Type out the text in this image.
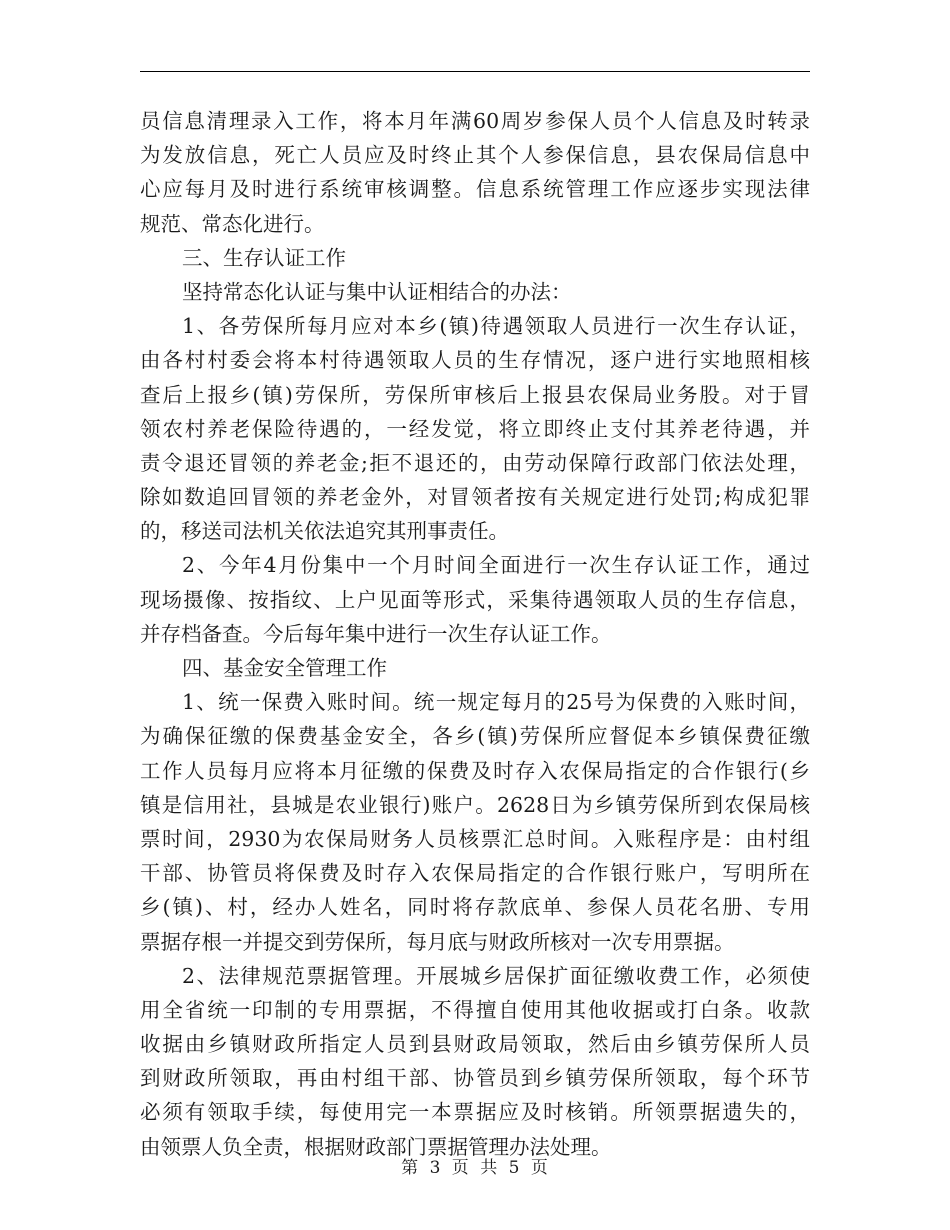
员信息清理录入工作，将本月年满60周岁参保人员个人信息及时转录
为发放信息，死亡人员应及时终止其个人参保信息，县农保局信息中
心应每月及时进行系统审核调整。信息系统管理工作应逐步实现法律
规范、常态化进行。
三、生存认证工作
坚持常态化认证与集中认证相结合的办法：
1、各劳保所每月应对本乡(镇)待遇领取人员进行一次生存认证，
由各村村委会将本村待遇领取人员的生存情况，逐户进行实地照相核
查后上报乡(镇)劳保所，劳保所审核后上报县农保局业务股。对于冒
领农村养老保险待遇的，一经发觉，将立即终止支付其养老待遇，并
责令退还冒领的养老金;拒不退还的，由劳动保障行政部门依法处理，
除如数追回冒领的养老金外，对冒领者按有关规定进行处罚;构成犯罪
的，移送司法机关依法追究其刑事责任。
2、今年4月份集中一个月时间全面进行一次生存认证工作，通过
现场摄像、按指纹、上户见面等形式，采集待遇领取人员的生存信息，
并存档备查。今后每年集中进行一次生存认证工作。
四、基金安全管理工作
1、统一保费入账时间。统一规定每月的25号为保费的入账时间，
为确保征缴的保费基金安全，各乡(镇)劳保所应督促本乡镇保费征缴
工作人员每月应将本月征缴的保费及时存入农保局指定的合作银行(乡
镇是信用社，县城是农业银行)账户。2628日为乡镇劳保所到农保局核
票时间，2930为农保局财务人员核票汇总时间。入账程序是：由村组
干部、协管员将保费及时存入农保局指定的合作银行账户，写明所在
乡(镇)、村，经办人姓名，同时将存款底单、参保人员花名册、专用
票据存根一并提交到劳保所，每月底与财政所核对一次专用票据。
2、法律规范票据管理。开展城乡居保扩面征缴收费工作，必须使
用全省统一印制的专用票据，不得擅自使用其他收据或打白条。收款
收据由乡镇财政所指定人员到县财政局领取，然后由乡镇劳保所人员
到财政所领取，再由村组干部、协管员到乡镇劳保所领取，每个环节
必须有领取手续，每使用完一本票据应及时核销。所领票据遗失的，
由领票人负全责，根据财政部门票据管理办法处理。
第 3 页 共 5 页
